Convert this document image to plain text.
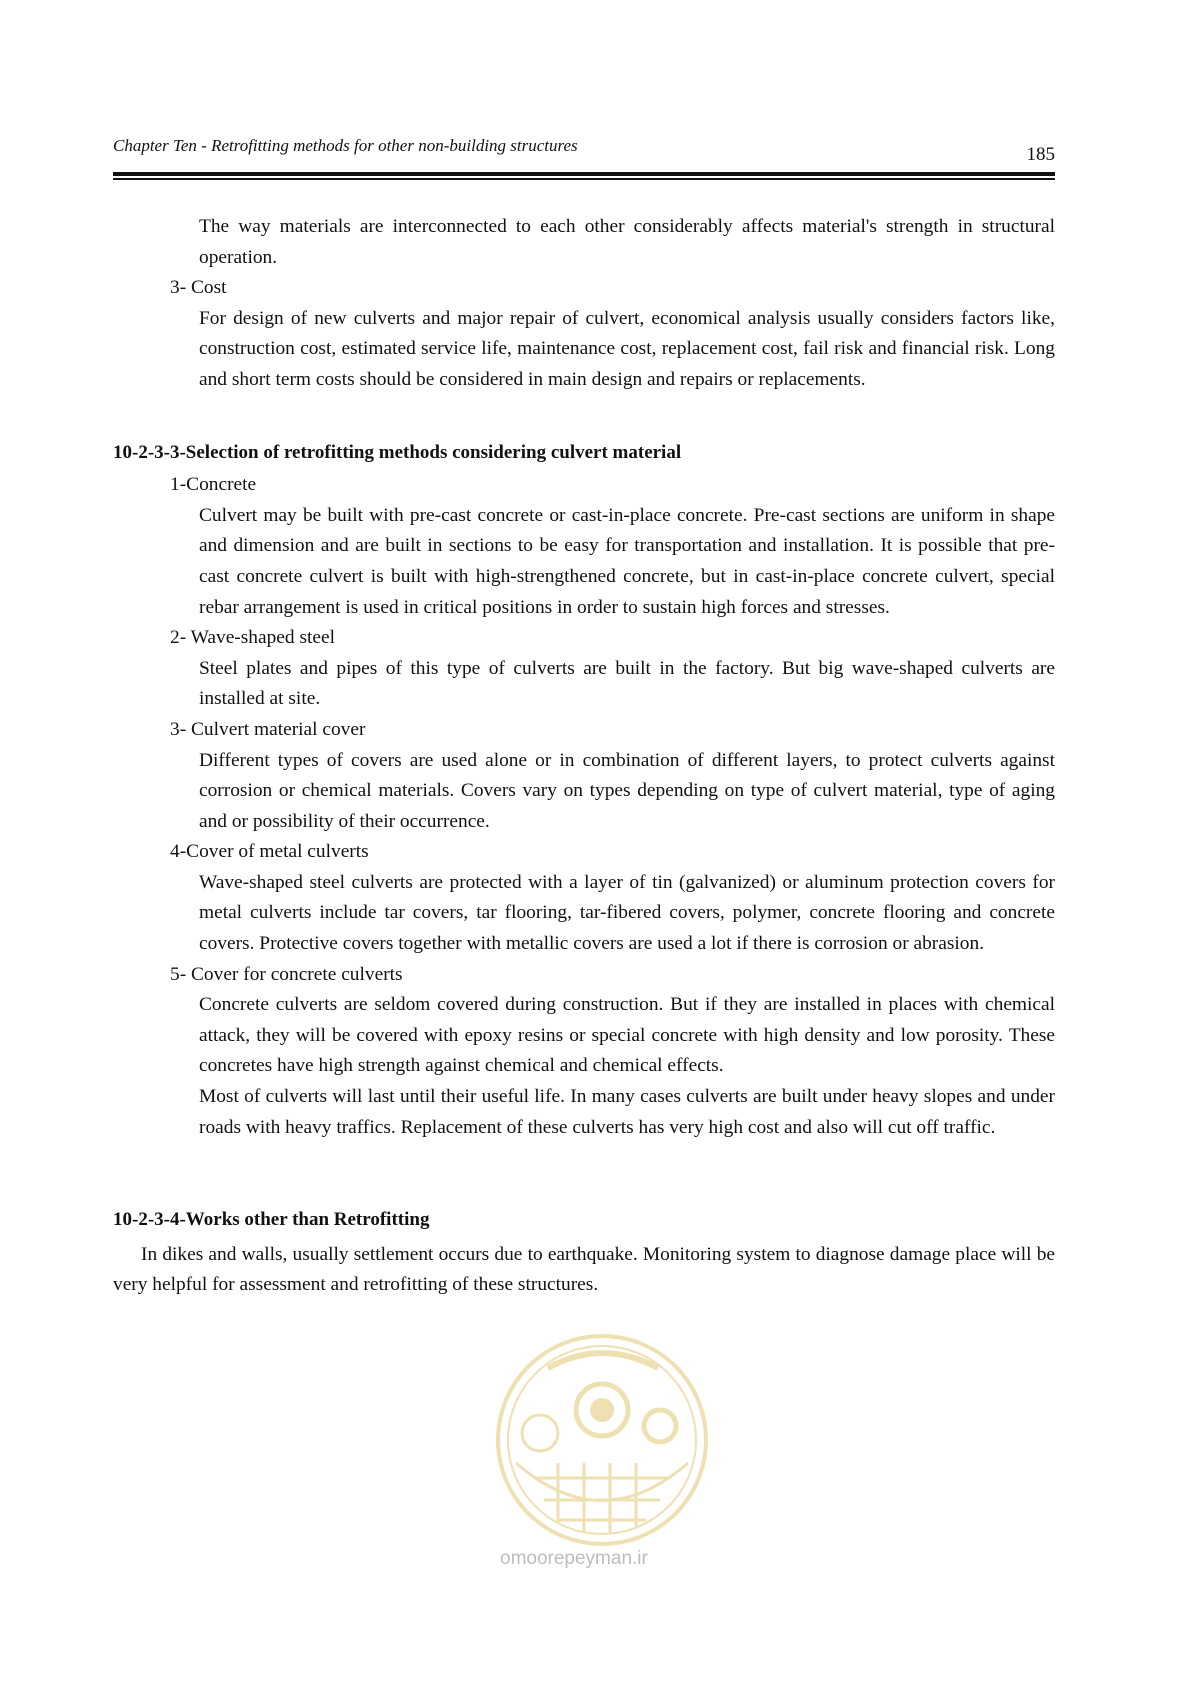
Chapter Ten - Retrofitting methods for other non-building structures	185

The way materials are interconnected to each other considerably affects material's strength in structural operation.

3- Cost

For design of new culverts and major repair of culvert, economical analysis usually considers factors like, construction cost, estimated service life, maintenance cost, replacement cost, fail risk and financial risk. Long and short term costs should be considered in main design and repairs or replacements.

10-2-3-3-Selection of retrofitting methods considering culvert material

1-Concrete

Culvert may be built with pre-cast concrete or cast-in-place concrete. Pre-cast sections are uniform in shape and dimension and are built in sections to be easy for transportation and installation. It is possible that pre-cast concrete culvert is built with high-strengthened concrete, but in cast-in-place concrete culvert, special rebar arrangement is used in critical positions in order to sustain high forces and stresses.

2- Wave-shaped steel

Steel plates and pipes of this type of culverts are built in the factory. But big wave-shaped culverts are installed at site.

3- Culvert material cover

Different types of covers are used alone or in combination of different layers, to protect culverts against corrosion or chemical materials. Covers vary on types depending on type of culvert material, type of aging and or possibility of their occurrence.

4-Cover of metal culverts

Wave-shaped steel culverts are protected with a layer of tin (galvanized) or aluminum protection covers for metal culverts include tar covers, tar flooring, tar-fibered covers, polymer, concrete flooring and concrete covers. Protective covers together with metallic covers are used a lot if there is corrosion or abrasion.

5- Cover for concrete culverts

Concrete culverts are seldom covered during construction. But if they are installed in places with chemical attack, they will be covered with epoxy resins or special concrete with high density and low porosity. These concretes have high strength against chemical and chemical effects.

Most of culverts will last until their useful life. In many cases culverts are built under heavy slopes and under roads with heavy traffics. Replacement of these culverts has very high cost and also will cut off traffic.

10-2-3-4-Works other than Retrofitting

In dikes and walls, usually settlement occurs due to earthquake. Monitoring system to diagnose damage place will be very helpful for assessment and retrofitting of these structures.

omoorepeyman.ir
